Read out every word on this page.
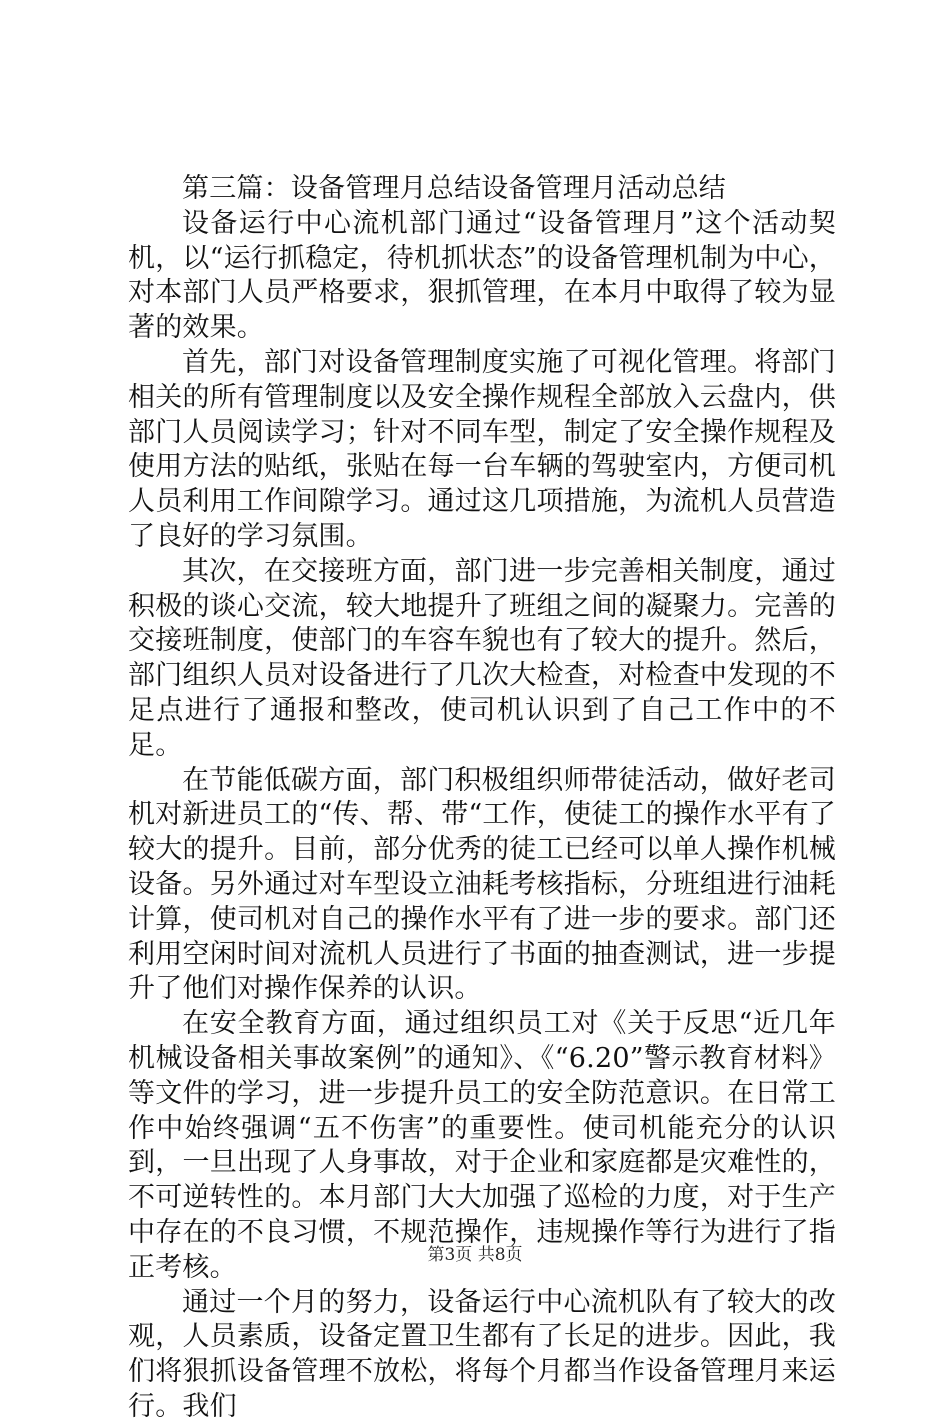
第三篇：设备管理月总结设备管理月活动总结

设备运行中心流机部门通过“设备管理月”这个活动契机，以“运行抓稳定，待机抓状态”的设备管理机制为中心，对本部门人员严格要求，狠抓管理，在本月中取得了较为显著的效果。

首先，部门对设备管理制度实施了可视化管理。将部门相关的所有管理制度以及安全操作规程全部放入云盘内，供部门人员阅读学习；针对不同车型，制定了安全操作规程及使用方法的贴纸，张贴在每一台车辆的驾驶室内，方便司机人员利用工作间隙学习。通过这几项措施，为流机人员营造了良好的学习氛围。

其次，在交接班方面，部门进一步完善相关制度，通过积极的谈心交流，较大地提升了班组之间的凝聚力。完善的交接班制度，使部门的车容车貌也有了较大的提升。然后，部门组织人员对设备进行了几次大检查，对检查中发现的不足点进行了通报和整改，使司机认识到了自己工作中的不足。

在节能低碳方面，部门积极组织师带徒活动，做好老司机对新进员工的“传、帮、带“工作，使徒工的操作水平有了较大的提升。目前，部分优秀的徒工已经可以单人操作机械设备。另外通过对车型设立油耗考核指标，分班组进行油耗计算，使司机对自己的操作水平有了进一步的要求。部门还利用空闲时间对流机人员进行了书面的抽查测试，进一步提升了他们对操作保养的认识。

在安全教育方面，通过组织员工对《关于反思“近几年机械设备相关事故案例”的通知》、《“6.20”警示教育材料》等文件的学习，进一步提升员工的安全防范意识。在日常工作中始终强调“五不伤害”的重要性。使司机能充分的认识到，一旦出现了人身事故，对于企业和家庭都是灾难性的，不可逆转性的。本月部门大大加强了巡检的力度，对于生产中存在的不良习惯，不规范操作，违规操作等行为进行了指正考核。

通过一个月的努力，设备运行中心流机队有了较大的改观，人员素质，设备定置卫生都有了长足的进步。因此，我们将狠抓设备管理不放松，将每个月都当作设备管理月来运行。我们

第3页 共8页
